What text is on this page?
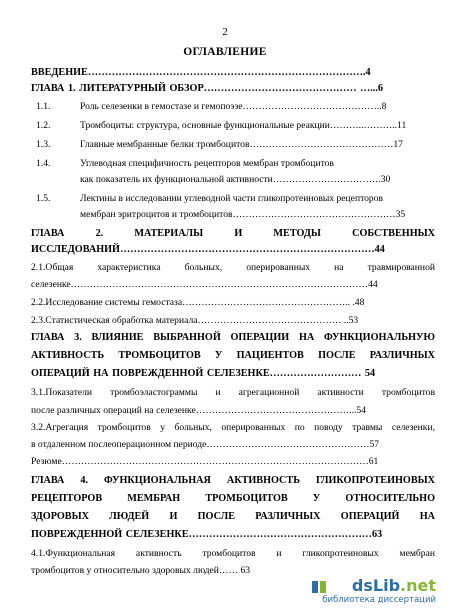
2
ОГЛАВЛЕНИЕ
ВВЕДЕНИЕ……………………………………………………………………….4
ГЛАВА 1. ЛИТЕРАТУРНЫЙ ОБЗОР……………………………………… …...6
1.1.	Роль селезенки в гемостазе и гемопоэзе……………………………………..8
1.2.	Тромбоциты: структура, основные функциональные реакции………..………..11
1.3.	Главные мембранные белки тромбоцитов………………………………………17
1.4.	Углеводная специфичность рецепторов мембран тромбоцитов
как показатель их функциональной активности…………………………….30
1.5.	Лектины в исследовании углеводной части гликопротеиновых рецепторов
мембран эритроцитов и тромбоцитов……………………………………………35
ГЛАВА 2. МАТЕРИАЛЫ И МЕТОДЫ СОБСТВЕННЫХ
ИССЛЕДОВАНИЙ…………………………………………………………………44
2.1.Общая характеристика больных, оперированных на травмированной
селезенке…………………………………………………………………………………44
2.2.Исследование системы гемостаза…………………………………………….. .48
2.3.Статистическая обработка материала……………………………………… ..53
ГЛАВА 3. ВЛИЯНИЕ ВЫБРАННОЙ ОПЕРАЦИИ НА ФУНКЦИОНАЛЬНУЮ
АКТИВНОСТЬ ТРОМБОЦИТОВ У ПАЦИЕНТОВ ПОСЛЕ РАЗЛИЧНЫХ
ОПЕРАЦИЙ НА ПОВРЕЖДЕННОЙ СЕЛЕЗЕНКЕ……………………… 54
3.1.Показатели тромбоэластограммы и агрегационной активности тромбоцитов
после различных операций на селезенке…………………………………………...54
3.2.Агрегация тромбоцитов у больных, оперированных по поводу травмы селезенки,
в отдаленном послеоперационном периоде……………………………………………57
Резюме……………………………………………………………………………………61
ГЛАВА 4. ФУНКЦИОНАЛЬНАЯ АКТИВНОСТЬ ГЛИКОПРОТЕИНОВЫХ
РЕЦЕПТОРОВ МЕМБРАН ТРОМБОЦИТОВ У ОТНОСИТЕЛЬНО
ЗДОРОВЫХ ЛЮДЕЙ И ПОСЛЕ РАЗЛИЧНЫХ ОПЕРАЦИЙ НА
ПОВРЕЖДЕННОЙ СЕЛЕЗЕНКЕ………………………………………………63
4.1.Функциональная активность тромбоцитов и гликопротеиновых мембран
тромбоцитов у относительно здоровых людей…… 63
dsLib.net
библиотека диссертаций
